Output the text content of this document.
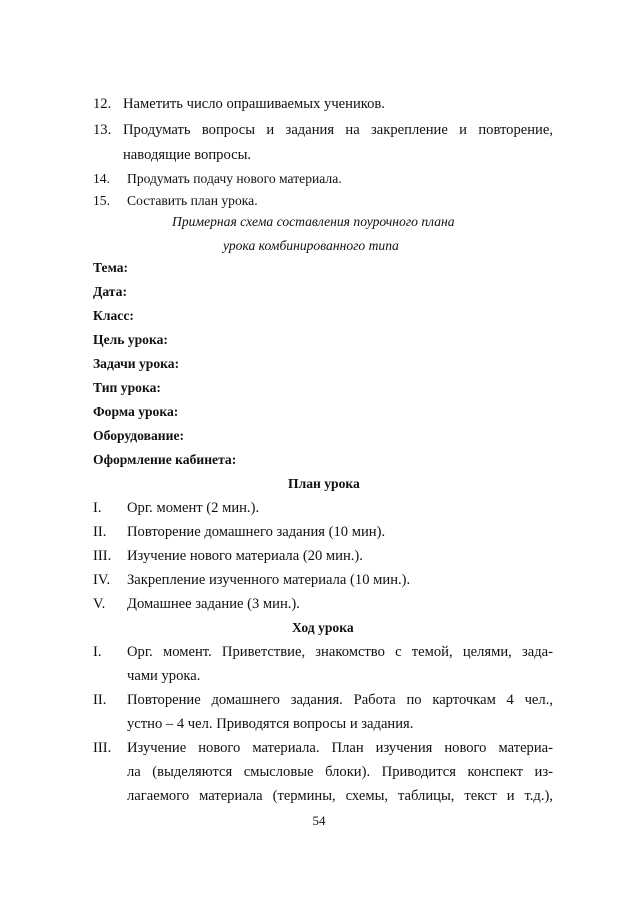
12. Наметить число опрашиваемых учеников.
13. Продумать вопросы и задания на закрепление и повторение,
наводящие вопросы.
14. Продумать подачу нового материала.
15. Составить план урока.
Примерная схема составления поурочного плана
урока комбинированного типа
Тема:
Дата:
Класс:
Цель урока:
Задачи урока:
Тип урока:
Форма урока:
Оборудование:
Оформление кабинета:
План урока
I. Орг. момент (2 мин.).
II. Повторение домашнего задания (10 мин).
III. Изучение нового материала (20 мин.).
IV. Закрепление изученного материала (10 мин.).
V. Домашнее задание (3 мин.).
Ход урока
I. Орг. момент. Приветствие, знакомство с темой, целями, зада-
чами урока.
II. Повторение домашнего задания. Работа по карточкам 4 чел.,
устно – 4 чел. Приводятся вопросы и задания.
III. Изучение нового материала. План изучения нового материа-
ла (выделяются смысловые блоки). Приводится конспект из-
лагаемого материала (термины, схемы, таблицы, текст и т.д.),
54
